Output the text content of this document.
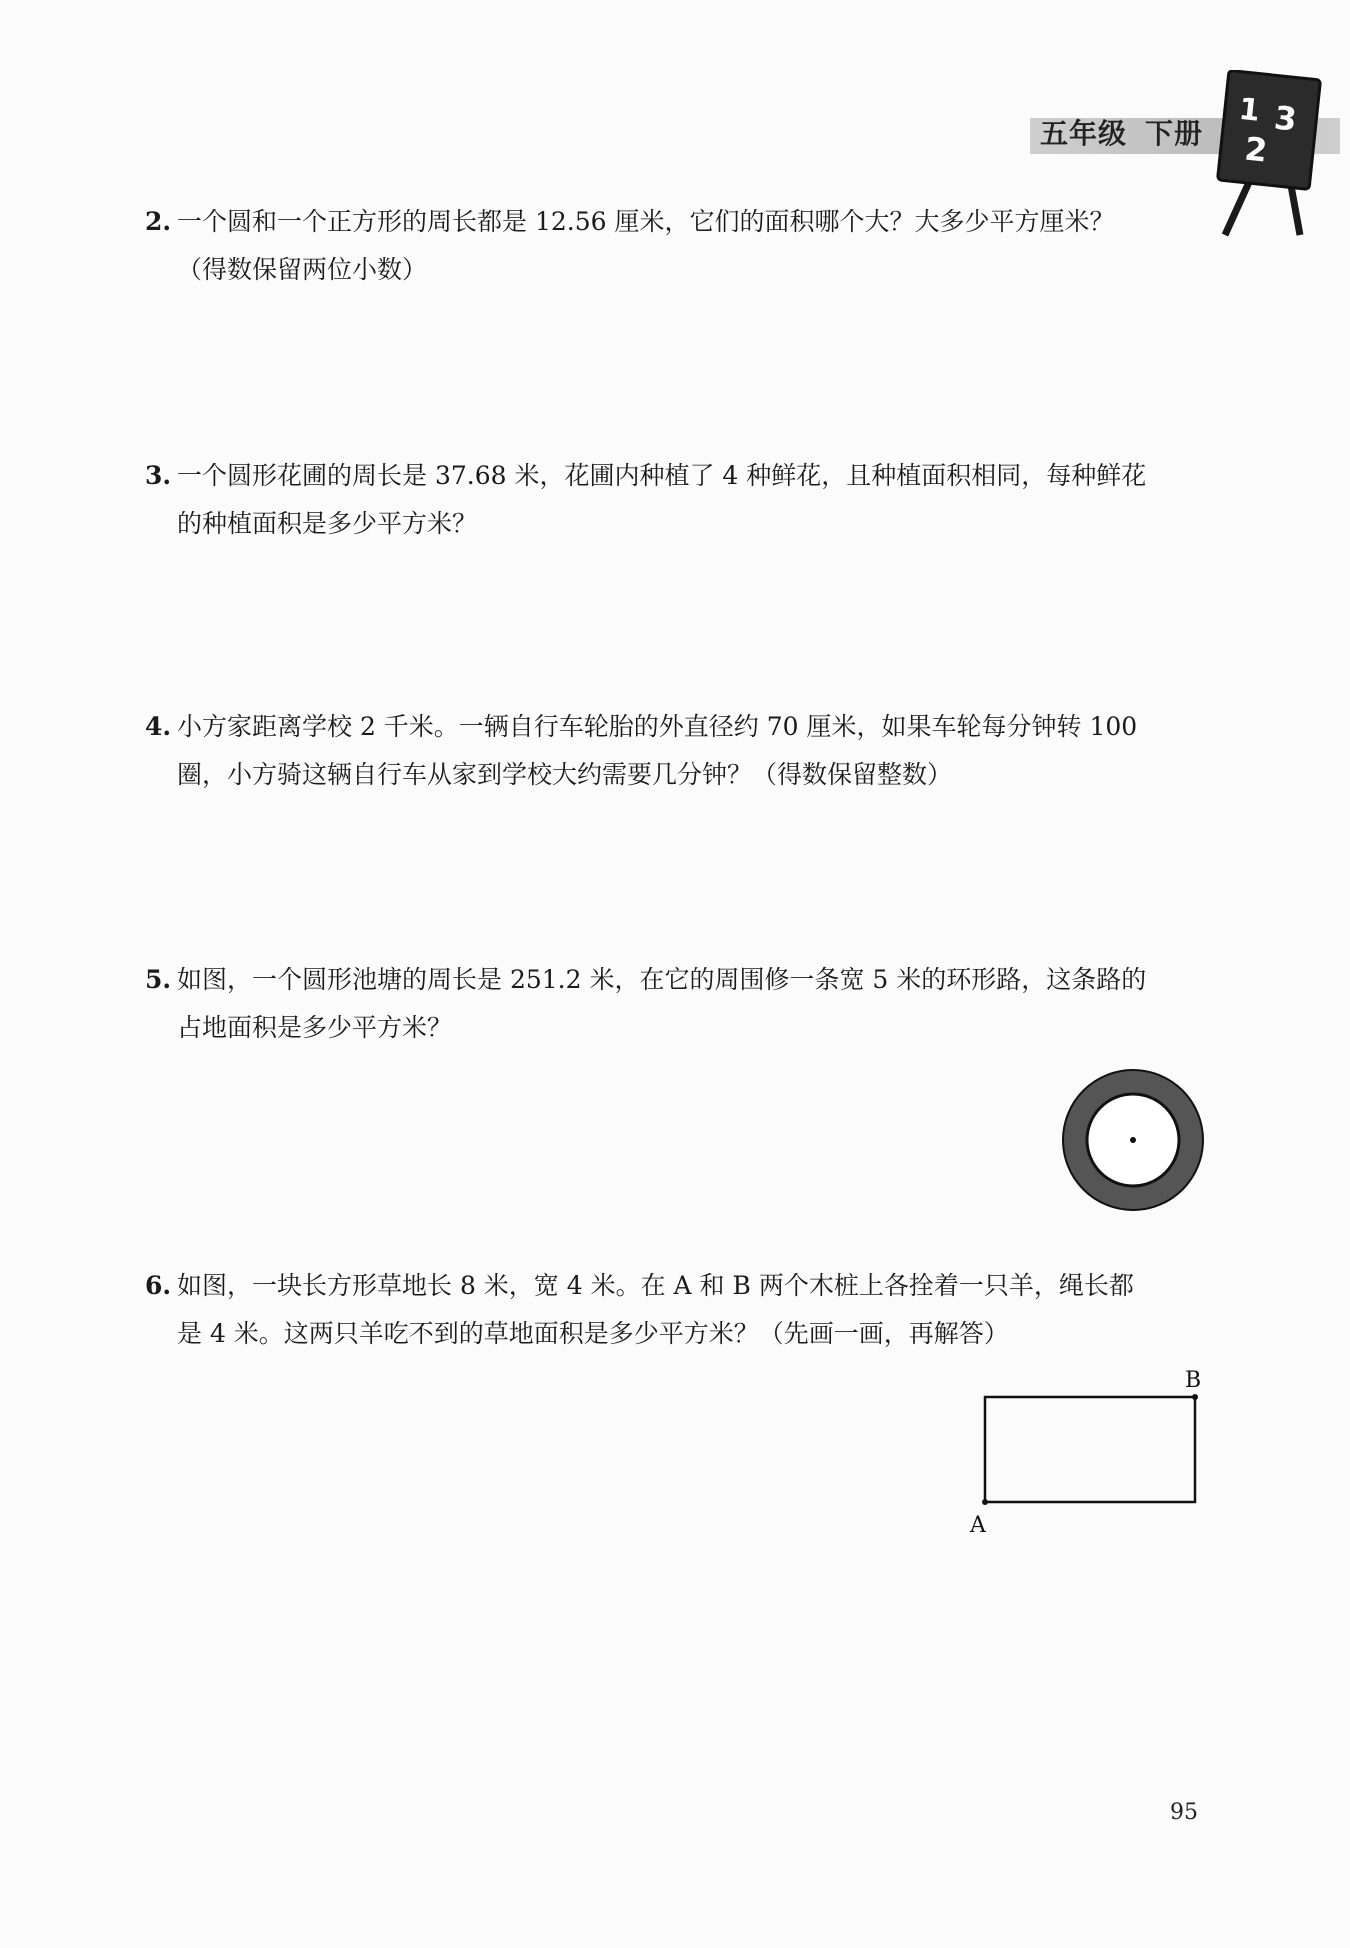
五年级 下册
1 3
2
2. 一个圆和一个正方形的周长都是 12.56 厘米，它们的面积哪个大？大多少平方厘米？
（得数保留两位小数）
3. 一个圆形花圃的周长是 37.68 米，花圃内种植了 4 种鲜花，且种植面积相同，每种鲜花
的种植面积是多少平方米？
4. 小方家距离学校 2 千米。一辆自行车轮胎的外直径约 70 厘米，如果车轮每分钟转 100
圈，小方骑这辆自行车从家到学校大约需要几分钟？（得数保留整数）
5. 如图，一个圆形池塘的周长是 251.2 米，在它的周围修一条宽 5 米的环形路，这条路的
占地面积是多少平方米？
6. 如图，一块长方形草地长 8 米，宽 4 米。在 A 和 B 两个木桩上各拴着一只羊，绳长都
是 4 米。这两只羊吃不到的草地面积是多少平方米？（先画一画，再解答）
A
B
95
